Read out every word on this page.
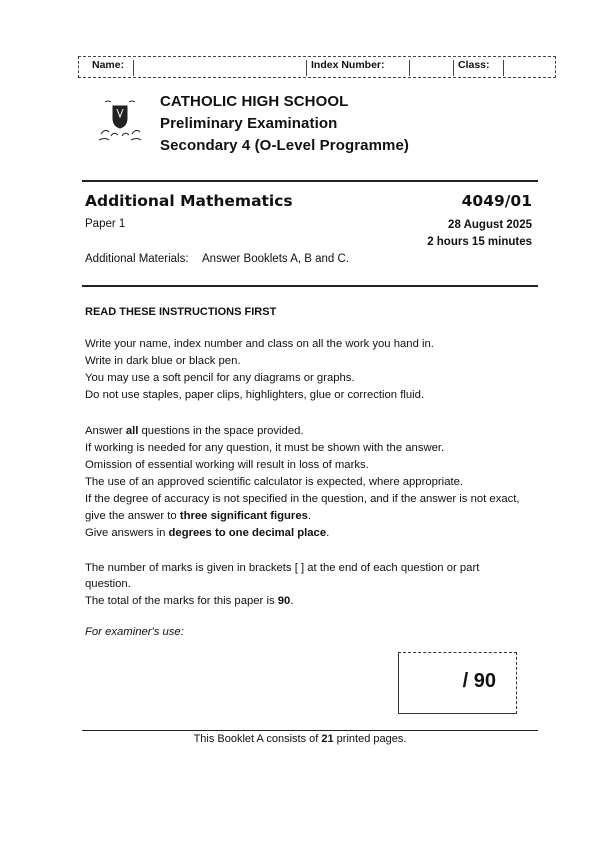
Name:	Index Number:	Class:
CATHOLIC HIGH SCHOOL
Preliminary Examination
Secondary 4 (O-Level Programme)
Additional Mathematics	4049/01
Paper 1	28 August 2025
2 hours 15 minutes
Additional Materials: Answer Booklets A, B and C.
READ THESE INSTRUCTIONS FIRST
Write your name, index number and class on all the work you hand in.
Write in dark blue or black pen.
You may use a soft pencil for any diagrams or graphs.
Do not use staples, paper clips, highlighters, glue or correction fluid.
Answer all questions in the space provided.
If working is needed for any question, it must be shown with the answer.
Omission of essential working will result in loss of marks.
The use of an approved scientific calculator is expected, where appropriate.
If the degree of accuracy is not specified in the question, and if the answer is not exact,
give the answer to three significant figures.
Give answers in degrees to one decimal place.
The number of marks is given in brackets [ ] at the end of each question or part
question.
The total of the marks for this paper is 90.
For examiner's use:
/ 90
This Booklet A consists of 21 printed pages.
